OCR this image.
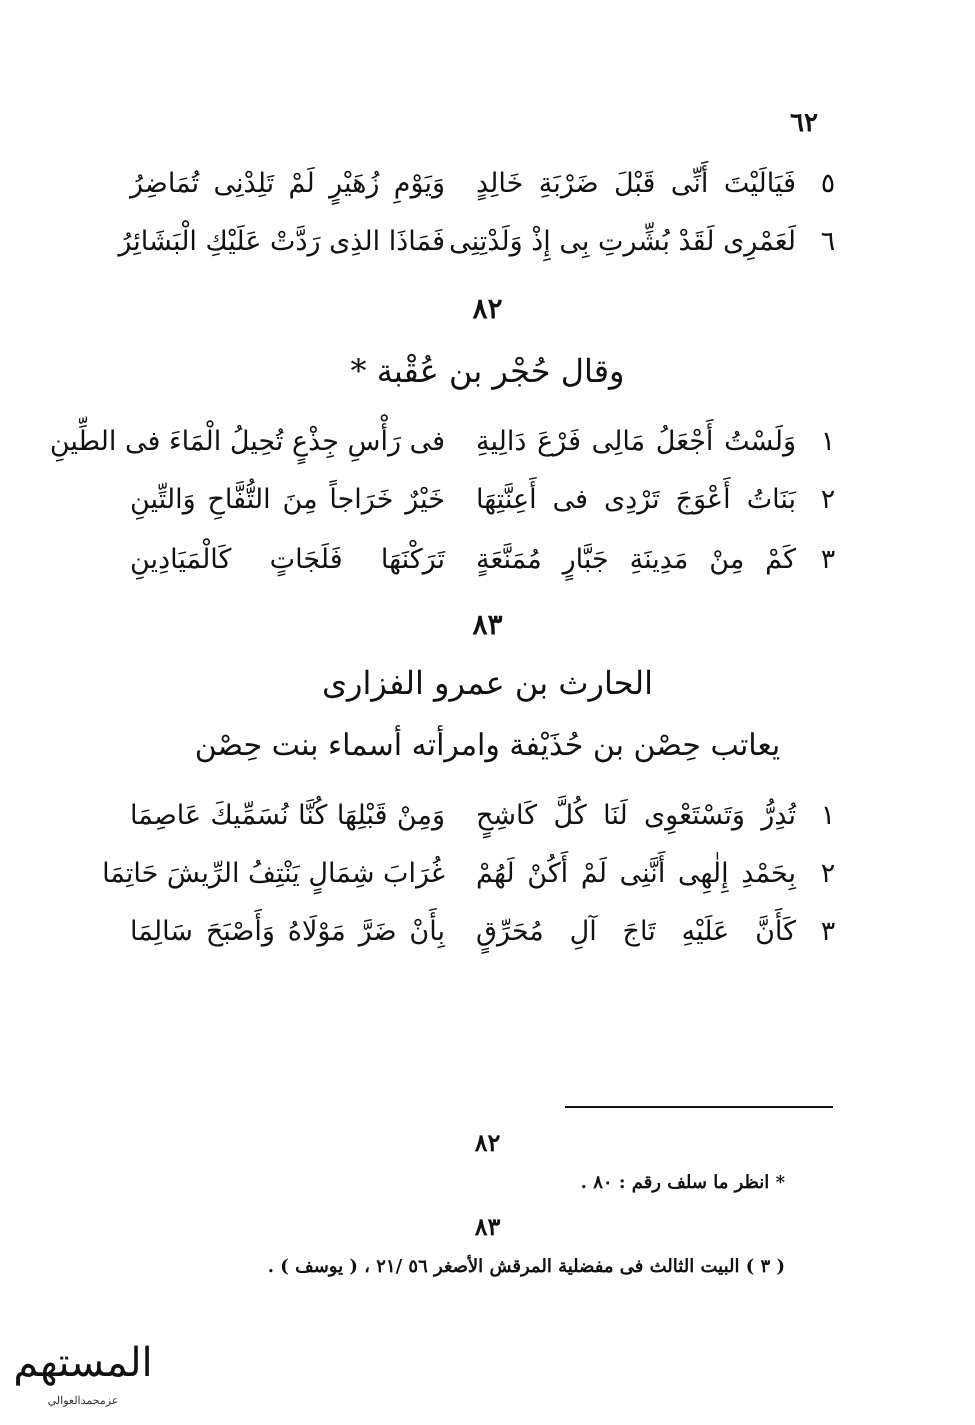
٦٢
٥
فَيَالَيْتَ أَنِّى قَبْلَ ضَرْبَةِ خَالِدٍ
وَيَوْمِ زُهَيْرٍ لَمْ تَلِدْنِى تُمَاضِرُ
٦
لَعَمْرِى لَقَدْ بُشِّرتِ بِى إِذْ وَلَدْتِنِى
فَمَاذَا الذِى رَدَّتْ عَلَيْكِ الْبَشَائِرُ
٨٢
وقال حُجْر بن عُقْبة *
١
وَلَسْتُ أَجْعَلُ مَالِى فَرْعَ دَالِيةِ
فى رَأْسِ جِذْعٍ تُحِيلُ الْمَاءَ فى الطِّينِ
٢
بَنَاتُ أَعْوَجَ تَرْدِى فى أَعِنَّتِهَا
خَيْرٌ خَرَاجاً مِنَ التُّفَّاحِ وَالتِّينِ
٣
كَمْ مِنْ مَدِينَةِ جَبَّارٍ مُمَنَّعَةٍ
تَرَكْنَهَا فَلَجَاتٍ كَالْمَيَادِينِ
٨٣
الحارث بن عمرو الفزارى
يعاتب حِصْن بن حُذَيْفة وامرأته أسماء بنت حِصْن
١
تُدِرُّ وَتَسْتَعْوِى لَنَا كُلَّ كَاشِحٍ
وَمِنْ قَبْلِهَا كُنَّا نُسَمِّيكَ عَاصِمَا
٢
بِحَمْدِ إِلٰهِى أَنَّنِى لَمْ أَكُنْ لَهُمْ
غُرَابَ شِمَالٍ يَنْتِفُ الرِّيشَ حَاتِمَا
٣
كَأَنَّ عَلَيْهِ تَاجَ آلِ مُحَرِّقٍ
بِأَنْ ضَرَّ مَوْلَاهُ وَأَصْبَحَ سَالِمَا
٨٢
* انظر ما سلف رقم : ٨٠ .
٨٣
( ٣ ) البيت الثالث فى مفضلية المرقش الأصغر ٥٦ /٢١ ، ( يوسف ) .
المستهم
عزمحمدالعوالي
